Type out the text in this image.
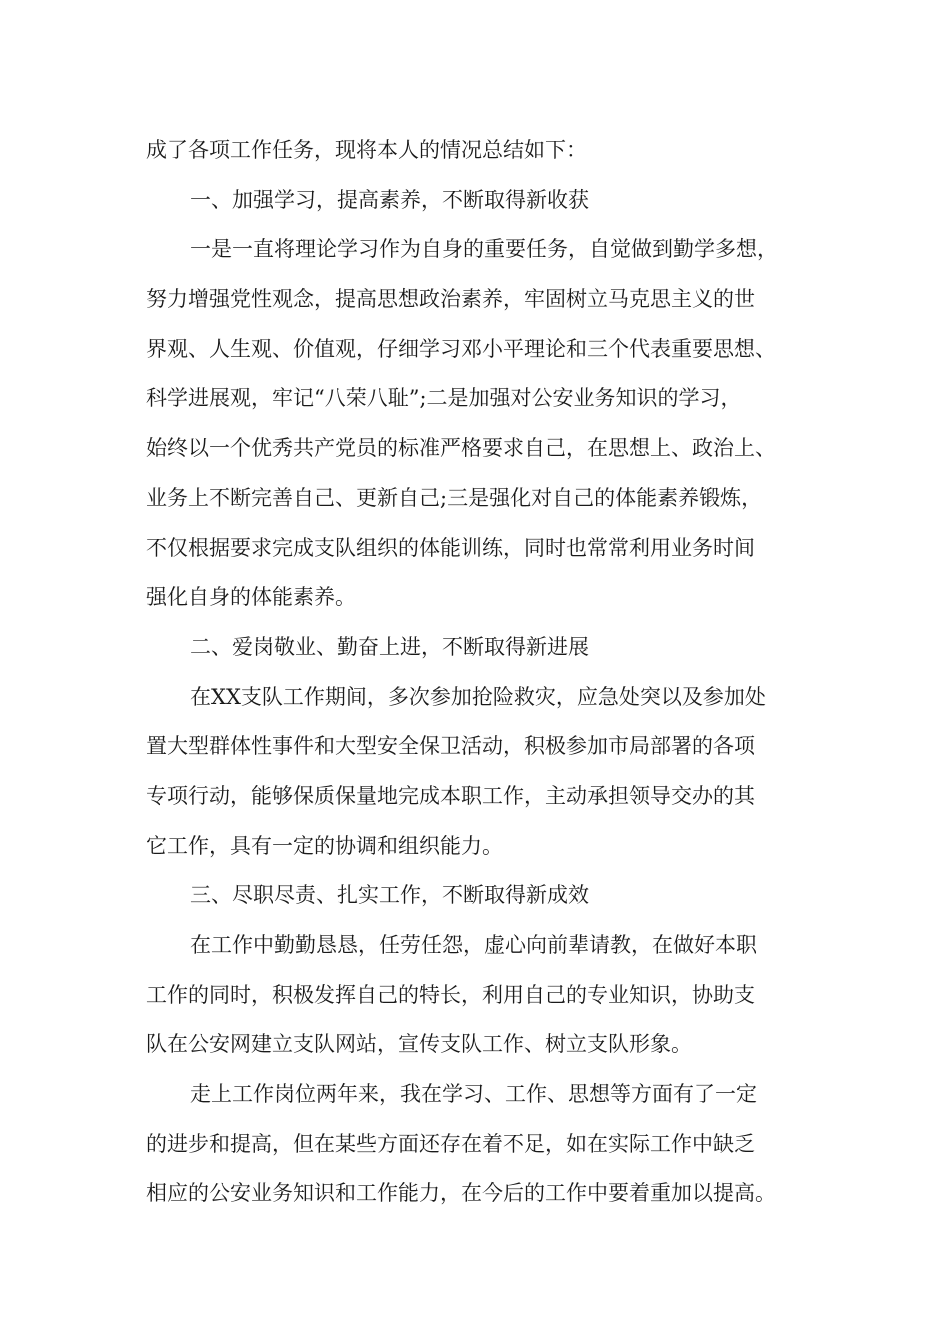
成了各项工作任务，现将本人的情况总结如下：
一、加强学习，提高素养，不断取得新收获
一是一直将理论学习作为自身的重要任务，自觉做到勤学多想，
努力增强党性观念，提高思想政治素养，牢固树立马克思主义的世
界观、人生观、价值观，仔细学习邓小平理论和三个代表重要思想、
科学进展观，牢记“八荣八耻”;二是加强对公安业务知识的学习，
始终以一个优秀共产党员的标准严格要求自己，在思想上、政治上、
业务上不断完善自己、更新自己;三是强化对自己的体能素养锻炼，
不仅根据要求完成支队组织的体能训练，同时也常常利用业务时间
强化自身的体能素养。
二、爱岗敬业、勤奋上进，不断取得新进展
在XX支队工作期间，多次参加抢险救灾，应急处突以及参加处
置大型群体性事件和大型安全保卫活动，积极参加市局部署的各项
专项行动，能够保质保量地完成本职工作，主动承担领导交办的其
它工作，具有一定的协调和组织能力。
三、尽职尽责、扎实工作，不断取得新成效
在工作中勤勤恳恳，任劳任怨，虚心向前辈请教，在做好本职
工作的同时，积极发挥自己的特长，利用自己的专业知识，协助支
队在公安网建立支队网站，宣传支队工作、树立支队形象。
走上工作岗位两年来，我在学习、工作、思想等方面有了一定
的进步和提高，但在某些方面还存在着不足，如在实际工作中缺乏
相应的公安业务知识和工作能力，在今后的工作中要着重加以提高。
